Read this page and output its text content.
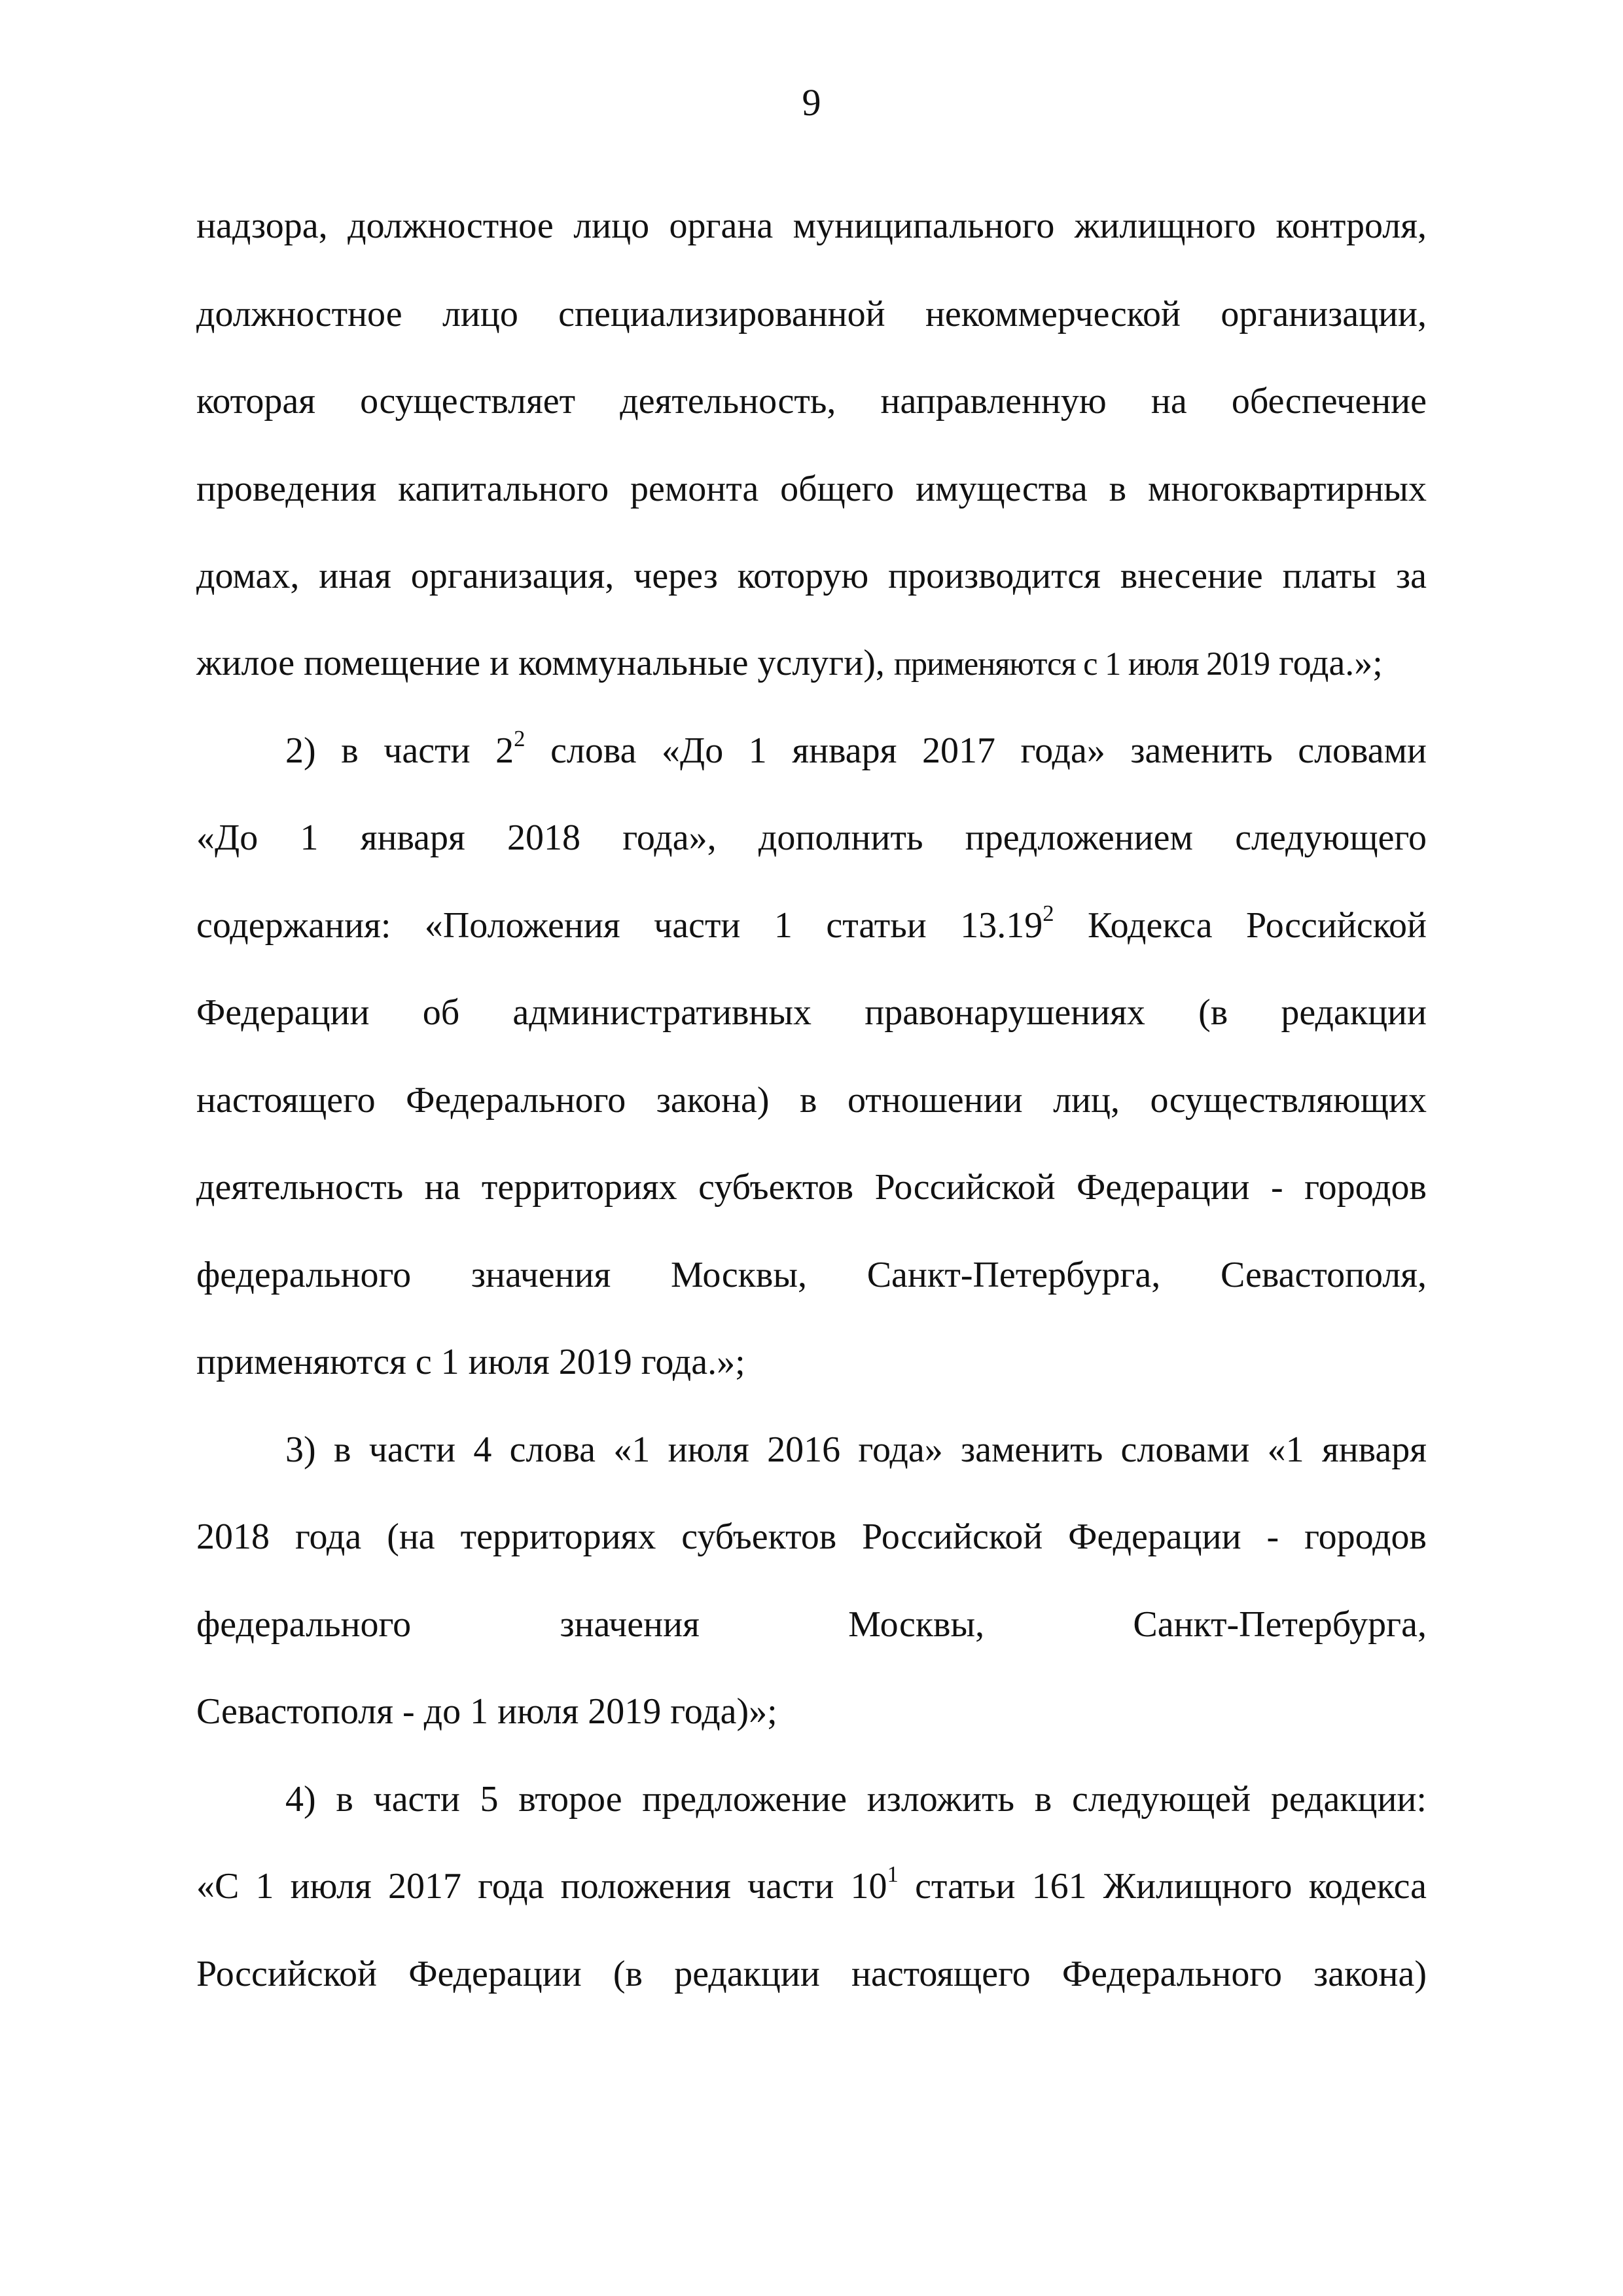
9
надзора, должностное лицо органа муниципального жилищного контроля,
должностное лицо специализированной некоммерческой организации,
которая осуществляет деятельность, направленную на обеспечение
проведения капитального ремонта общего имущества в многоквартирных
домах, иная организация, через которую производится внесение платы за
жилое помещение и коммунальные услуги), применяются с 1 июля 2019 года.»;
2) в части $2^2$ слова «До 1 января 2017 года» заменить словами
«До 1 января 2018 года», дополнить предложением следующего
содержания: «Положения части 1 статьи 13.19$^2$ Кодекса Российской
Федерации об административных правонарушениях (в редакции
настоящего Федерального закона) в отношении лиц, осуществляющих
деятельность на территориях субъектов Российской Федерации - городов
федерального значения Москвы, Санкт-Петербурга, Севастополя,
применяются с 1 июля 2019 года.»;
3) в части 4 слова «1 июля 2016 года» заменить словами «1 января
2018 года (на территориях субъектов Российской Федерации - городов
федерального значения Москвы, Санкт-Петербурга,
Севастополя - до 1 июля 2019 года)»;
4) в части 5 второе предложение изложить в следующей редакции:
«С 1 июля 2017 года положения части $10^1$ статьи 161 Жилищного кодекса
Российской Федерации (в редакции настоящего Федерального закона)
